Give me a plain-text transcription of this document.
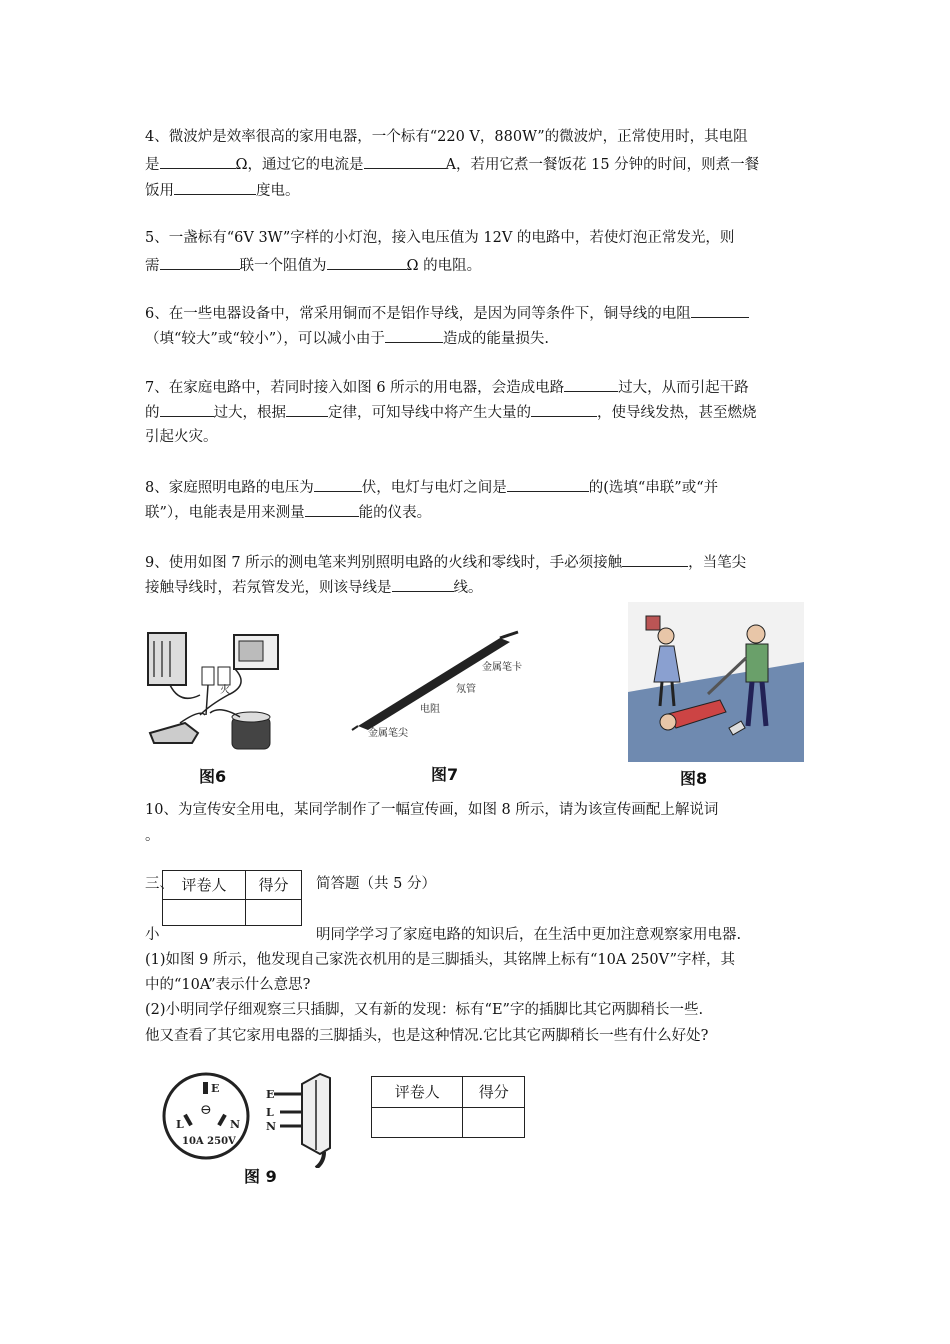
4、微波炉是效率很高的家用电器，一个标有“220 V，880W”的微波炉，正常使用时，其电阻
是	Ω，通过它的电流是	A，若用它煮一餐饭花 15 分钟的时间，则煮一餐
饭用	度电。
5、一盏标有“6V 3W”字样的小灯泡，接入电压值为 12V 的电路中，若使灯泡正常发光，则
需	联一个阻值为	Ω 的电阻。
6、在一些电器设备中，常采用铜而不是铝作导线，是因为同等条件下，铜导线的电阻
（填“较大”或“较小”），可以减小由于	造成的能量损失.
7、在家庭电路中，若同时接入如图 6 所示的用电器，会造成电路	过大，从而引起干路
的	过大，根据	定律，可知导线中将产生大量的	，使导线发热，甚至燃烧
引起火灾。
8、家庭照明电路的电压为	伏，电灯与电灯之间是	的(选填“串联”或“并
联”），电能表是用来测量	能的仪表。
9、使用如图 7 所示的测电笔来判别照明电路的火线和零线时，手必须接触	，当笔尖
接触导线时，若氖管发光，则该导线是	线。
火
图6
金属笔卡
氖管
电阻
金属笔尖
图7	图8
10、为宣传安全用电，某同学制作了一幅宣传画，如图 8 所示，请为该宣传画配上解说词
。
三、 评卷人	得分
	简答题（共 5 分）
小	明同学学习了家庭电路的知识后，在生活中更加注意观察家用电器.
(1)如图 9 所示，他发现自己家洗衣机用的是三脚插头，其铭牌上标有“10A 250V”字样，其
中的“10A”表示什么意思?
(2)小明同学仔细观察三只插脚，又有新的发现：标有“E”字的插脚比其它两脚稍长一些.
他又查看了其它家用电器的三脚插头，也是这种情况.它比其它两脚稍长一些有什么好处?
E
⊖
L	N
10A 250V
E
L
N
图 9
评卷人	得分
